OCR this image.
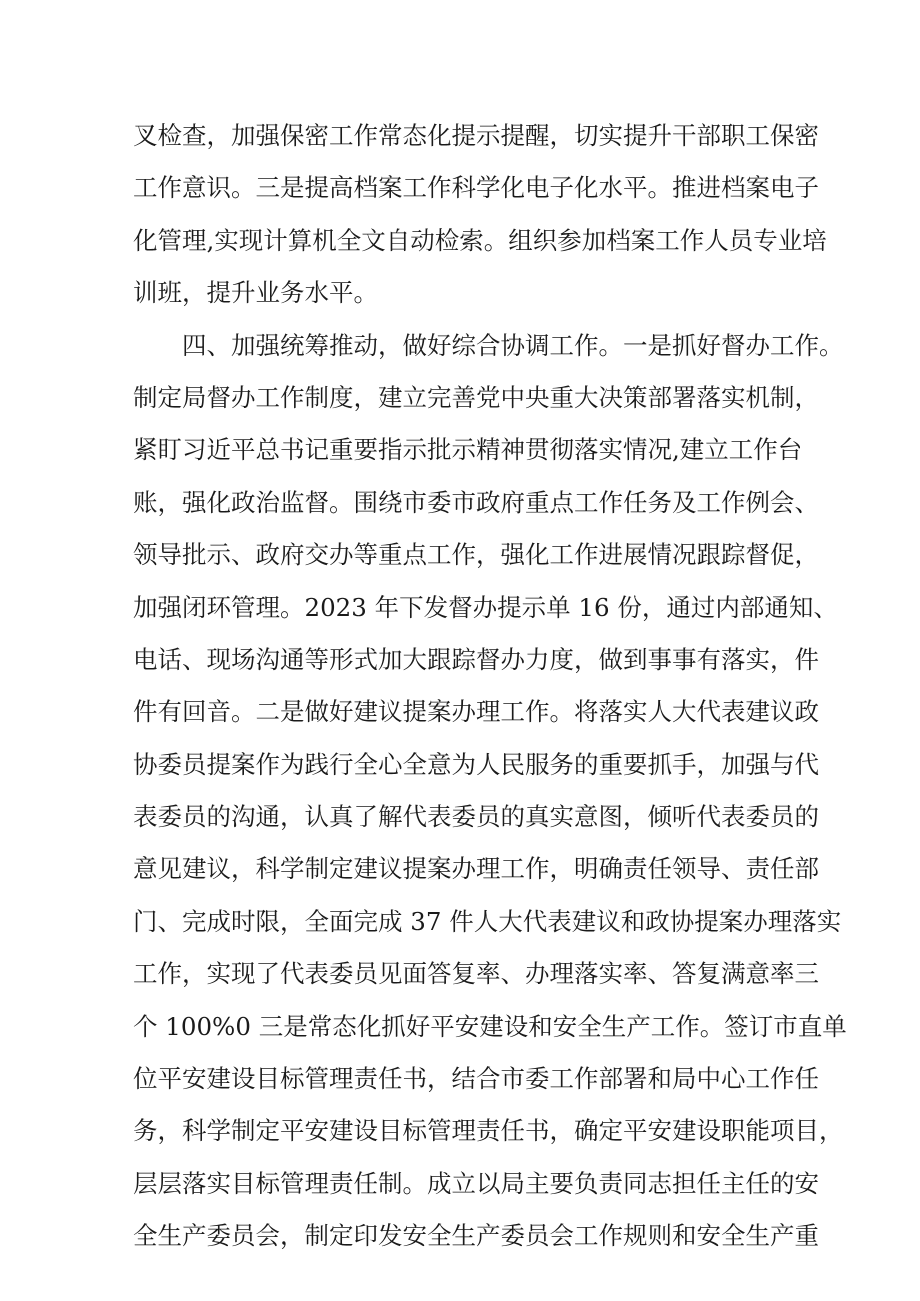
叉检查，加强保密工作常态化提示提醒，切实提升干部职工保密
工作意识。三是提高档案工作科学化电子化水平。推进档案电子
化管理,实现计算机全文自动检索。组织参加档案工作人员专业培
训班，提升业务水平。
　　四、加强统筹推动，做好综合协调工作。一是抓好督办工作。
制定局督办工作制度，建立完善党中央重大决策部署落实机制，
紧盯习近平总书记重要指示批示精神贯彻落实情况,建立工作台
账，强化政治监督。围绕市委市政府重点工作任务及工作例会、
领导批示、政府交办等重点工作，强化工作进展情况跟踪督促，
加强闭环管理。2023 年下发督办提示单 16 份，通过内部通知、
电话、现场沟通等形式加大跟踪督办力度，做到事事有落实，件
件有回音。二是做好建议提案办理工作。将落实人大代表建议政
协委员提案作为践行全心全意为人民服务的重要抓手，加强与代
表委员的沟通，认真了解代表委员的真实意图，倾听代表委员的
意见建议，科学制定建议提案办理工作，明确责任领导、责任部
门、完成时限，全面完成 37 件人大代表建议和政协提案办理落实
工作，实现了代表委员见面答复率、办理落实率、答复满意率三
个 100%0 三是常态化抓好平安建设和安全生产工作。签订市直单
位平安建设目标管理责任书，结合市委工作部署和局中心工作任
务，科学制定平安建设目标管理责任书，确定平安建设职能项目，
层层落实目标管理责任制。成立以局主要负责同志担任主任的安
全生产委员会，制定印发安全生产委员会工作规则和安全生产重
